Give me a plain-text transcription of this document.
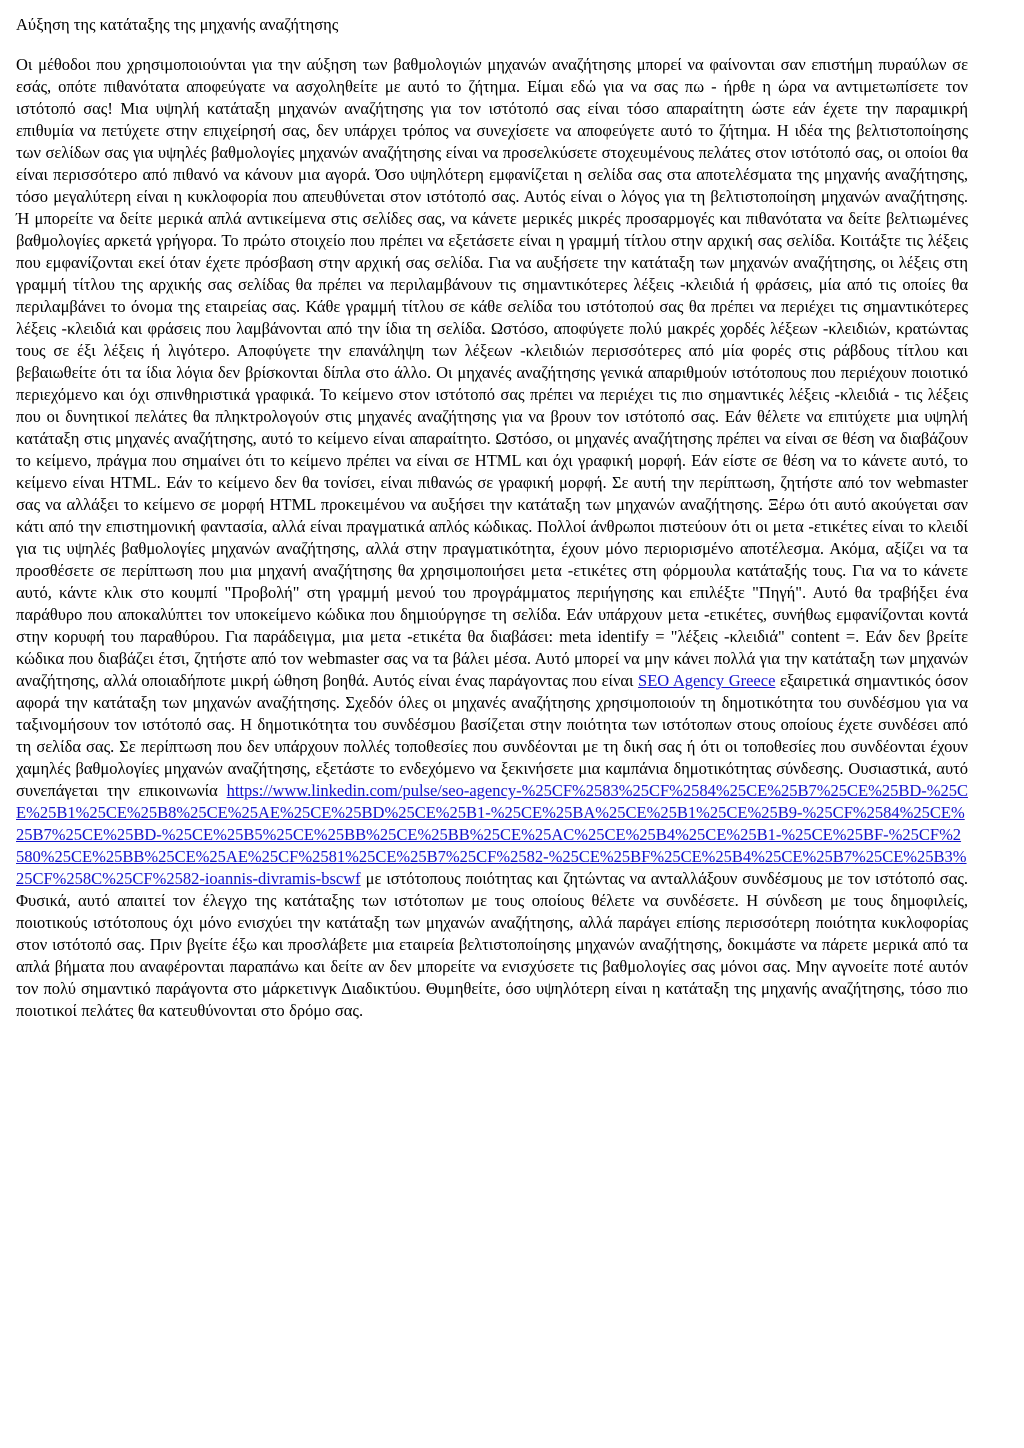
Αύξηση της κατάταξης της μηχανής αναζήτησης

Οι μέθοδοι που χρησιμοποιούνται για την αύξηση των βαθμολογιών μηχανών αναζήτησης μπορεί να φαίνονται σαν επιστήμη πυραύλων σε εσάς, οπότε πιθανότατα αποφεύγατε να ασχοληθείτε με αυτό το ζήτημα. Είμαι εδώ για να σας πω - ήρθε η ώρα να αντιμετωπίσετε τον ιστότοπό σας! Μια υψηλή κατάταξη μηχανών αναζήτησης για τον ιστότοπό σας είναι τόσο απαραίτητη ώστε εάν έχετε την παραμικρή επιθυμία να πετύχετε στην επιχείρησή σας, δεν υπάρχει τρόπος να συνεχίσετε να αποφεύγετε αυτό το ζήτημα. Η ιδέα της βελτιστοποίησης των σελίδων σας για υψηλές βαθμολογίες μηχανών αναζήτησης είναι να προσελκύσετε στοχευμένους πελάτες στον ιστότοπό σας, οι οποίοι θα είναι περισσότερο από πιθανό να κάνουν μια αγορά. Όσο υψηλότερη εμφανίζεται η σελίδα σας στα αποτελέσματα της μηχανής αναζήτησης, τόσο μεγαλύτερη είναι η κυκλοφορία που απευθύνεται στον ιστότοπό σας. Αυτός είναι ο λόγος για τη βελτιστοποίηση μηχανών αναζήτησης. Ή μπορείτε να δείτε μερικά απλά αντικείμενα στις σελίδες σας, να κάνετε μερικές μικρές προσαρμογές και πιθανότατα να δείτε βελτιωμένες βαθμολογίες αρκετά γρήγορα. Το πρώτο στοιχείο που πρέπει να εξετάσετε είναι η γραμμή τίτλου στην αρχική σας σελίδα. Κοιτάξτε τις λέξεις που εμφανίζονται εκεί όταν έχετε πρόσβαση στην αρχική σας σελίδα. Για να αυξήσετε την κατάταξη των μηχανών αναζήτησης, οι λέξεις στη γραμμή τίτλου της αρχικής σας σελίδας θα πρέπει να περιλαμβάνουν τις σημαντικότερες λέξεις -κλειδιά ή φράσεις, μία από τις οποίες θα περιλαμβάνει το όνομα της εταιρείας σας. Κάθε γραμμή τίτλου σε κάθε σελίδα του ιστότοπού σας θα πρέπει να περιέχει τις σημαντικότερες λέξεις -κλειδιά και φράσεις που λαμβάνονται από την ίδια τη σελίδα. Ωστόσο, αποφύγετε πολύ μακρές χορδές λέξεων -κλειδιών, κρατώντας τους σε έξι λέξεις ή λιγότερο. Αποφύγετε την επανάληψη των λέξεων -κλειδιών περισσότερες από μία φορές στις ράβδους τίτλου και βεβαιωθείτε ότι τα ίδια λόγια δεν βρίσκονται δίπλα στο άλλο. Οι μηχανές αναζήτησης γενικά απαριθμούν ιστότοπους που περιέχουν ποιοτικό περιεχόμενο και όχι σπινθηριστικά γραφικά. Το κείμενο στον ιστότοπό σας πρέπει να περιέχει τις πιο σημαντικές λέξεις -κλειδιά - τις λέξεις που οι δυνητικοί πελάτες θα πληκτρολογούν στις μηχανές αναζήτησης για να βρουν τον ιστότοπό σας. Εάν θέλετε να επιτύχετε μια υψηλή κατάταξη στις μηχανές αναζήτησης, αυτό το κείμενο είναι απαραίτητο. Ωστόσο, οι μηχανές αναζήτησης πρέπει να είναι σε θέση να διαβάζουν το κείμενο, πράγμα που σημαίνει ότι το κείμενο πρέπει να είναι σε HTML και όχι γραφική μορφή. Εάν είστε σε θέση να το κάνετε αυτό, το κείμενο είναι HTML. Εάν το κείμενο δεν θα τονίσει, είναι πιθανώς σε γραφική μορφή. Σε αυτή την περίπτωση, ζητήστε από τον webmaster σας να αλλάξει το κείμενο σε μορφή HTML προκειμένου να αυξήσει την κατάταξη των μηχανών αναζήτησης. Ξέρω ότι αυτό ακούγεται σαν κάτι από την επιστημονική φαντασία, αλλά είναι πραγματικά απλός κώδικας. Πολλοί άνθρωποι πιστεύουν ότι οι μετα -ετικέτες είναι το κλειδί για τις υψηλές βαθμολογίες μηχανών αναζήτησης, αλλά στην πραγματικότητα, έχουν μόνο περιορισμένο αποτέλεσμα. Ακόμα, αξίζει να τα προσθέσετε σε περίπτωση που μια μηχανή αναζήτησης θα χρησιμοποιήσει μετα -ετικέτες στη φόρμουλα κατάταξής τους. Για να το κάνετε αυτό, κάντε κλικ στο κουμπί "Προβολή" στη γραμμή μενού του προγράμματος περιήγησης και επιλέξτε "Πηγή". Αυτό θα τραβήξει ένα παράθυρο που αποκαλύπτει τον υποκείμενο κώδικα που δημιούργησε τη σελίδα. Εάν υπάρχουν μετα -ετικέτες, συνήθως εμφανίζονται κοντά στην κορυφή του παραθύρου. Για παράδειγμα, μια μετα -ετικέτα θα διαβάσει: meta identify = "λέξεις -κλειδιά" content =. Εάν δεν βρείτε κώδικα που διαβάζει έτσι, ζητήστε από τον webmaster σας να τα βάλει μέσα. Αυτό μπορεί να μην κάνει πολλά για την κατάταξη των μηχανών αναζήτησης, αλλά οποιαδήποτε μικρή ώθηση βοηθά. Αυτός είναι ένας παράγοντας που είναι SEO Agency Greece εξαιρετικά σημαντικός όσον αφορά την κατάταξη των μηχανών αναζήτησης. Σχεδόν όλες οι μηχανές αναζήτησης χρησιμοποιούν τη δημοτικότητα του συνδέσμου για να ταξινομήσουν τον ιστότοπό σας. Η δημοτικότητα του συνδέσμου βασίζεται στην ποιότητα των ιστότοπων στους οποίους έχετε συνδέσει από τη σελίδα σας. Σε περίπτωση που δεν υπάρχουν πολλές τοποθεσίες που συνδέονται με τη δική σας ή ότι οι τοποθεσίες που συνδέονται έχουν χαμηλές βαθμολογίες μηχανών αναζήτησης, εξετάστε το ενδεχόμενο να ξεκινήσετε μια καμπάνια δημοτικότητας σύνδεσης. Ουσιαστικά, αυτό συνεπάγεται την επικοινωνία https://www.linkedin.com/pulse/seo-agency-%25CF%2583%25CF%2584%25CE%25B7%25CE%25BD-%25CE%25B1%25CE%25B8%25CE%25AE%25CE%25BD%25CE%25B1-%25CE%25BA%25CE%25B1%25CE%25B9-%25CF%2584%25CE%25B7%25CE%25BD-%25CE%25B5%25CE%25BB%25CE%25BB%25CE%25AC%25CE%25B4%25CE%25B1-%25CE%25BF-%25CF%2580%25CE%25BB%25CE%25AE%25CF%2581%25CE%25B7%25CF%2582-%25CE%25BF%25CE%25B4%25CE%25B7%25CE%25B3%25CF%258C%25CF%2582-ioannis-divramis-bscwf με ιστότοπους ποιότητας και ζητώντας να ανταλλάξουν συνδέσμους με τον ιστότοπό σας. Φυσικά, αυτό απαιτεί τον έλεγχο της κατάταξης των ιστότοπων με τους οποίους θέλετε να συνδέσετε. Η σύνδεση με τους δημοφιλείς, ποιοτικούς ιστότοπους όχι μόνο ενισχύει την κατάταξη των μηχανών αναζήτησης, αλλά παράγει επίσης περισσότερη ποιότητα κυκλοφορίας στον ιστότοπό σας. Πριν βγείτε έξω και προσλάβετε μια εταιρεία βελτιστοποίησης μηχανών αναζήτησης, δοκιμάστε να πάρετε μερικά από τα απλά βήματα που αναφέρονται παραπάνω και δείτε αν δεν μπορείτε να ενισχύσετε τις βαθμολογίες σας μόνοι σας. Μην αγνοείτε ποτέ αυτόν τον πολύ σημαντικό παράγοντα στο μάρκετινγκ Διαδικτύου. Θυμηθείτε, όσο υψηλότερη είναι η κατάταξη της μηχανής αναζήτησης, τόσο πιο ποιοτικοί πελάτες θα κατευθύνονται στο δρόμο σας.
